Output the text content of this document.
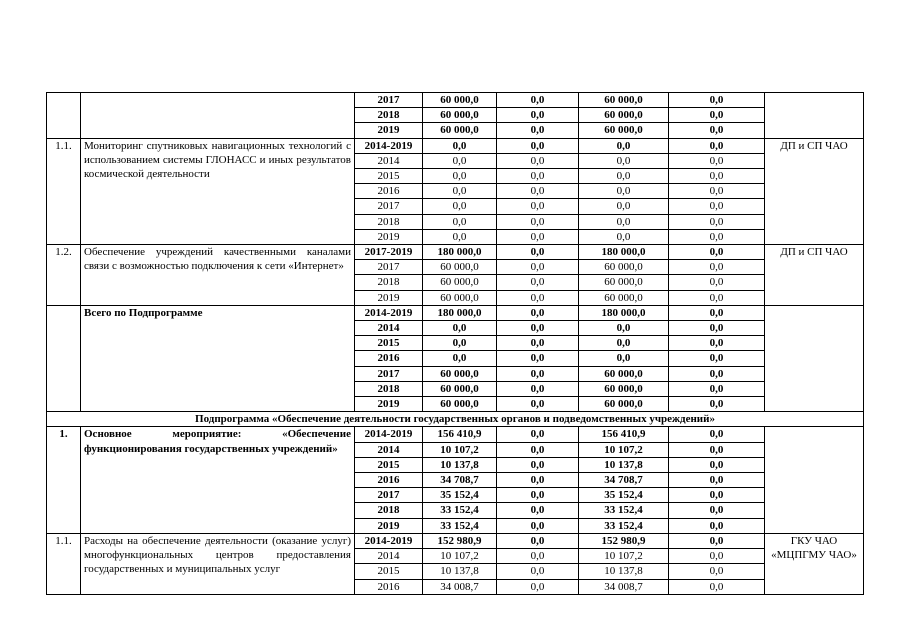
		2017	60 000,0	0,0	60 000,0	0,0	
		2018	60 000,0	0,0	60 000,0	0,0	
		2019	60 000,0	0,0	60 000,0	0,0	
1.1.	Мониторинг спутниковых навигационных технологий с использованием системы ГЛОНАСС и иных результатов космической деятельности	2014-2019	0,0	0,0	0,0	0,0	ДП и СП ЧАО
		2014	0,0	0,0	0,0	0,0	
		2015	0,0	0,0	0,0	0,0	
		2016	0,0	0,0	0,0	0,0	
		2017	0,0	0,0	0,0	0,0	
		2018	0,0	0,0	0,0	0,0	
		2019	0,0	0,0	0,0	0,0	
1.2.	Обеспечение учреждений качественными каналами связи с возможностью подключения к сети «Интернет»	2017-2019	180 000,0	0,0	180 000,0	0,0	ДП и СП ЧАО
		2017	60 000,0	0,0	60 000,0	0,0	
		2018	60 000,0	0,0	60 000,0	0,0	
		2019	60 000,0	0,0	60 000,0	0,0	
	Всего по Подпрограмме	2014-2019	180 000,0	0,0	180 000,0	0,0	
		2014	0,0	0,0	0,0	0,0	
		2015	0,0	0,0	0,0	0,0	
		2016	0,0	0,0	0,0	0,0	
		2017	60 000,0	0,0	60 000,0	0,0	
		2018	60 000,0	0,0	60 000,0	0,0	
		2019	60 000,0	0,0	60 000,0	0,0	
Подпрограмма «Обеспечение деятельности государственных органов и подведомственных учреждений»							
1.	Основное мероприятие: «Обеспечение функционирования государственных учреждений»	2014-2019	156 410,9	0,0	156 410,9	0,0	
		2014	10 107,2	0,0	10 107,2	0,0	
		2015	10 137,8	0,0	10 137,8	0,0	
		2016	34 708,7	0,0	34 708,7	0,0	
		2017	35 152,4	0,0	35 152,4	0,0	
		2018	33 152,4	0,0	33 152,4	0,0	
		2019	33 152,4	0,0	33 152,4	0,0	
1.1.	Расходы на обеспечение деятельности (оказание услуг) многофункциональных центров предоставления государственных и муниципальных услуг	2014-2019	152 980,9	0,0	152 980,9	0,0	ГКУ ЧАО «МЦПГМУ ЧАО»
		2014	10 107,2	0,0	10 107,2	0,0	
		2015	10 137,8	0,0	10 137,8	0,0	
		2016	34 008,7	0,0	34 008,7	0,0	
